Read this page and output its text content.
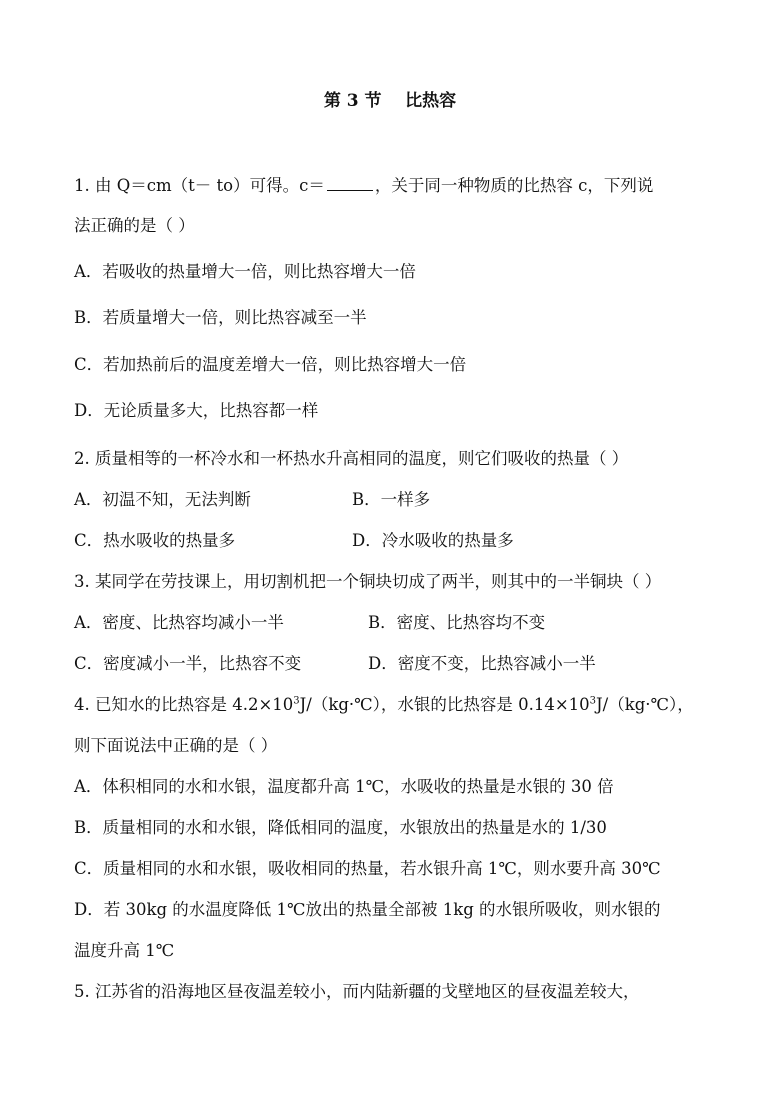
第 3 节    比热容
1. 由 Q＝cm（t－ to）可得。c＝	，关于同一种物质的比热容 c，下列说
法正确的是（ ）
A．若吸收的热量增大一倍，则比热容增大一倍
B．若质量增大一倍，则比热容减至一半
C．若加热前后的温度差增大一倍，则比热容增大一倍
D．无论质量多大，比热容都一样
2. 质量相等的一杯冷水和一杯热水升高相同的温度，则它们吸收的热量（ ）
A．初温不知，无法判断	B．一样多
C．热水吸收的热量多	D．冷水吸收的热量多
3. 某同学在劳技课上，用切割机把一个铜块切成了两半，则其中的一半铜块（ ）
A．密度、比热容均减小一半	B．密度、比热容均不变
C．密度减小一半，比热容不变	D．密度不变，比热容减小一半
4. 已知水的比热容是 $4.2\times 10^3J/(kg\cdot℃)$，水银的比热容是 $0.14\times 10^3J/(kg\cdot℃)$，
则下面说法中正确的是（ ）
A．体积相同的水和水银，温度都升高 1℃，水吸收的热量是水银的 30 倍
B．质量相同的水和水银，降低相同的温度，水银放出的热量是水的 1/30
C．质量相同的水和水银，吸收相同的热量，若水银升高 1℃，则水要升高 30℃
D．若 30kg 的水温度降低 1℃放出的热量全部被 1kg 的水银所吸收，则水银的
温度升高 1℃
5. 江苏省的沿海地区昼夜温差较小，而内陆新疆的戈壁地区的昼夜温差较大，
